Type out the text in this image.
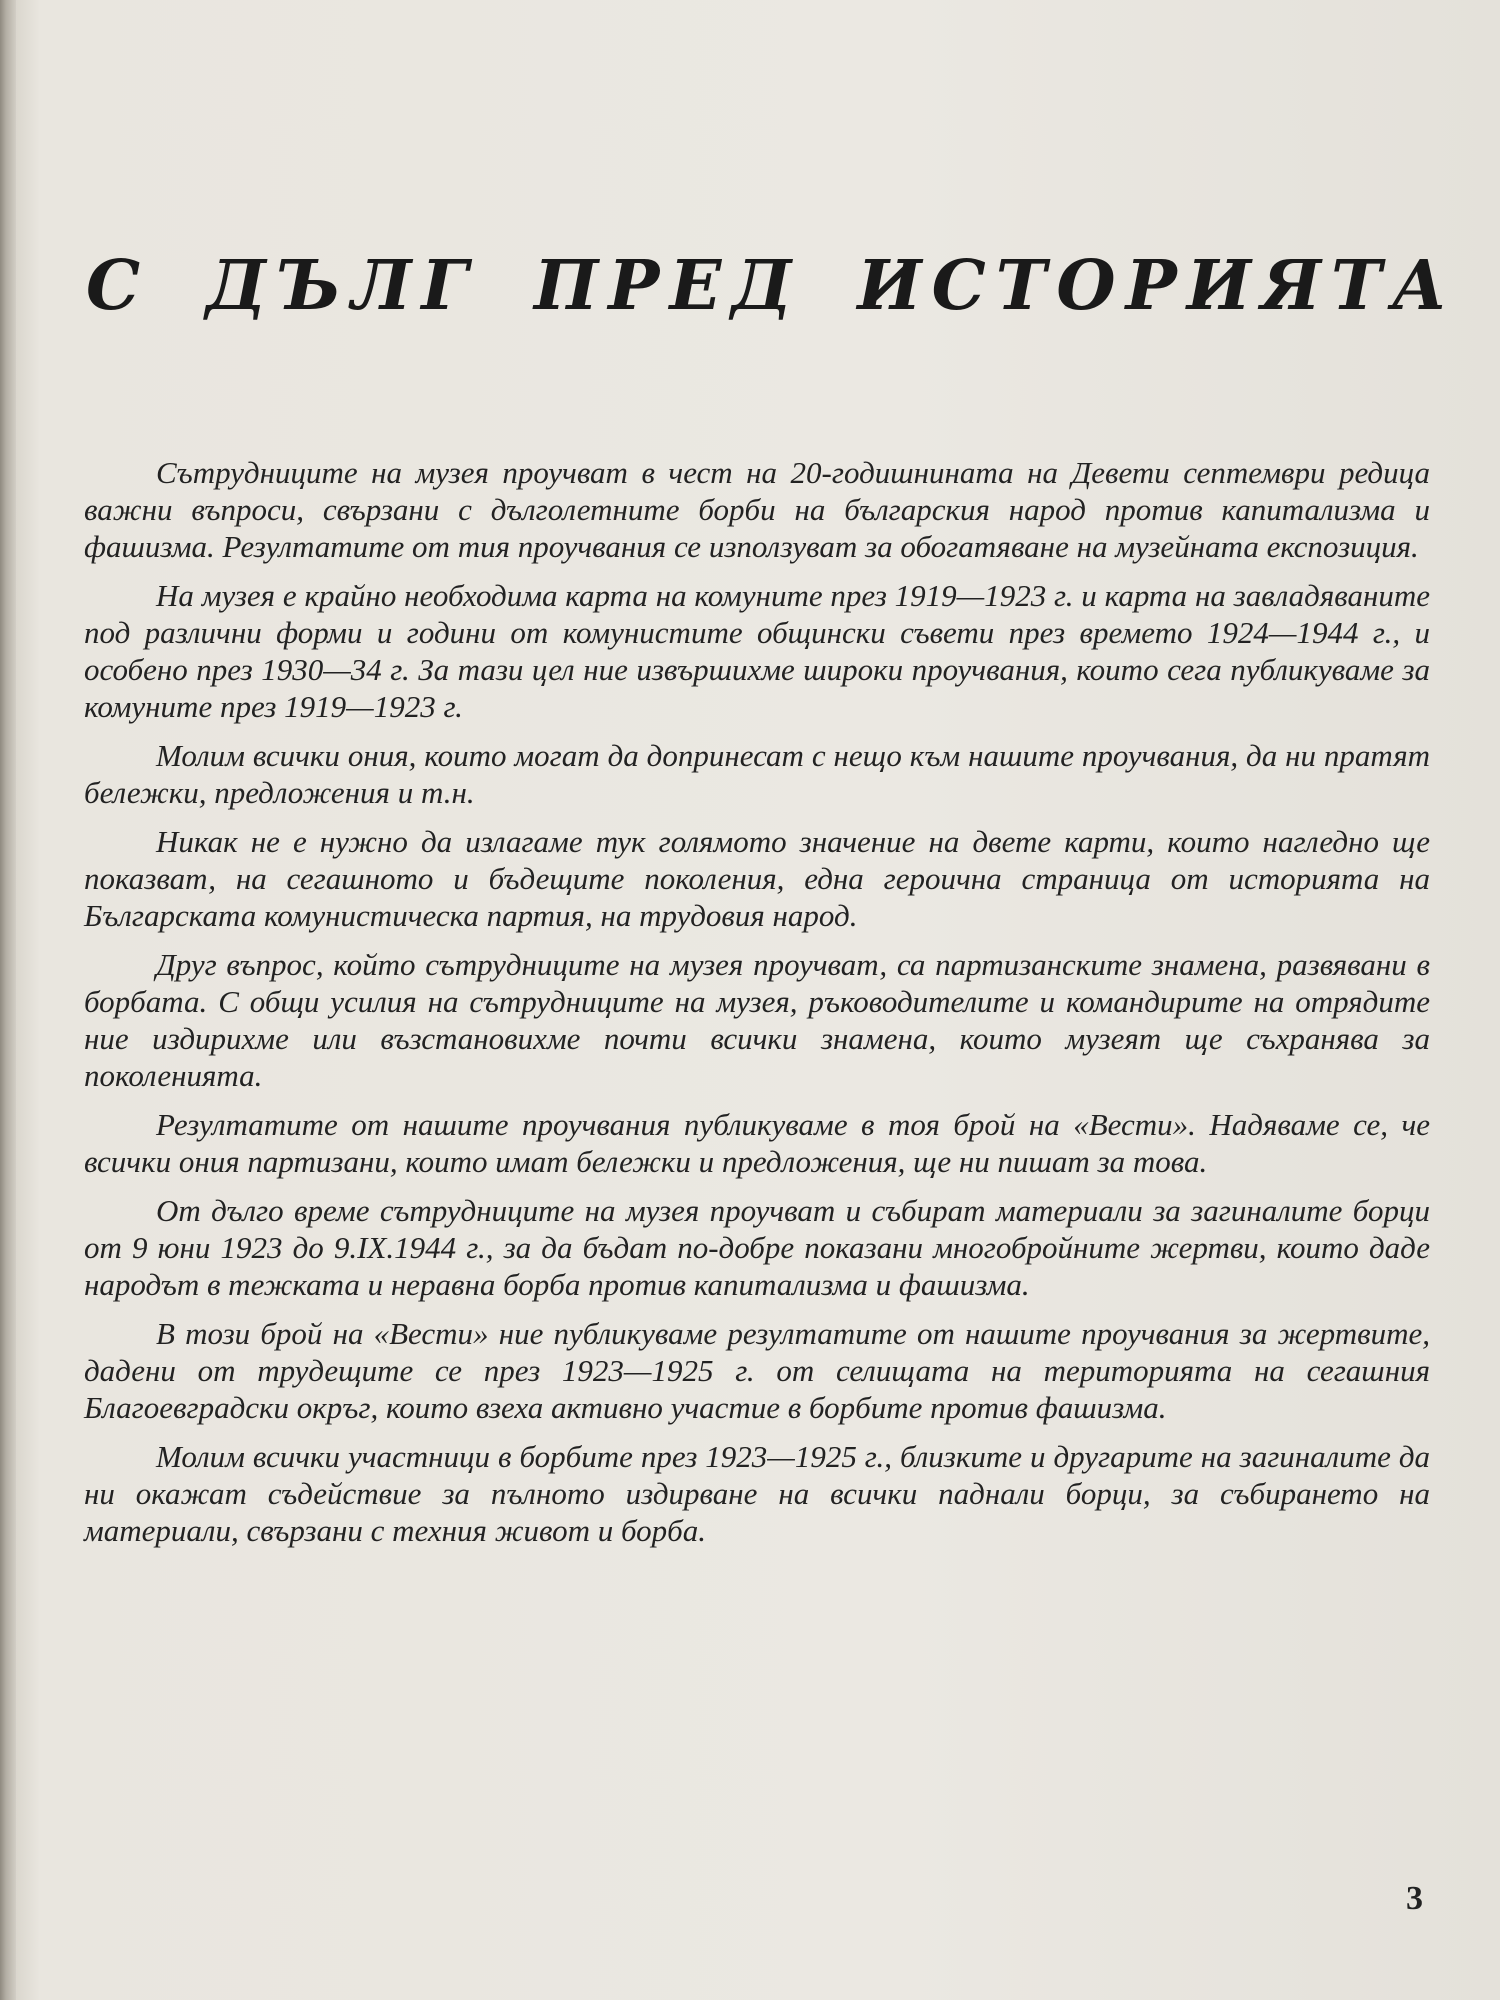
С ДЪЛГ ПРЕД ИСТОРИЯТА

Сътрудниците на музея проучват в чест на 20-годишнината на Девети септември редица важни въпроси, свързани с дълголетните борби на българския народ против капитализма и фашизма. Резултатите от тия проучвания се използуват за обогатяване на музейната експозиция.

На музея е крайно необходима карта на комуните през 1919—1923 г. и карта на завладяваните под различни форми и години от комунистите общински съвети през времето 1924—1944 г., и особено през 1930—34 г. За тази цел ние извършихме широки проучвания, които сега публикуваме за комуните през 1919—1923 г.

Молим всички ония, които могат да допринесат с нещо към нашите проучвания, да ни пратят бележки, предложения и т.н.

Никак не е нужно да излагаме тук голямото значение на двете карти, които нагледно ще показват, на сегашното и бъдещите поколения, една героична страница от историята на Българската комунистическа партия, на трудовия народ.

Друг въпрос, който сътрудниците на музея проучват, са партизанските знамена, развявани в борбата. С общи усилия на сътрудниците на музея, ръководителите и командирите на отрядите ние издирихме или възстановихме почти всички знамена, които музеят ще съхранява за поколенията.

Резултатите от нашите проучвания публикуваме в тоя брой на «Вести». Надяваме се, че всички ония партизани, които имат бележки и предложения, ще ни пишат за това.

От дълго време сътрудниците на музея проучват и събират материали за загиналите борци от 9 юни 1923 до 9.IX.1944 г., за да бъдат по-добре показани многобройните жертви, които даде народът в тежката и неравна борба против капитализма и фашизма.

В този брой на «Вести» ние публикуваме резултатите от нашите проучвания за жертвите, дадени от трудещите се през 1923—1925 г. от селищата на територията на сегашния Благоевградски окръг, които взеха активно участие в борбите против фашизма.

Молим всички участници в борбите през 1923—1925 г., близките и другарите на загиналите да ни окажат съдействие за пълното издирване на всички паднали борци, за събирането на материали, свързани с техния живот и борба.

3
